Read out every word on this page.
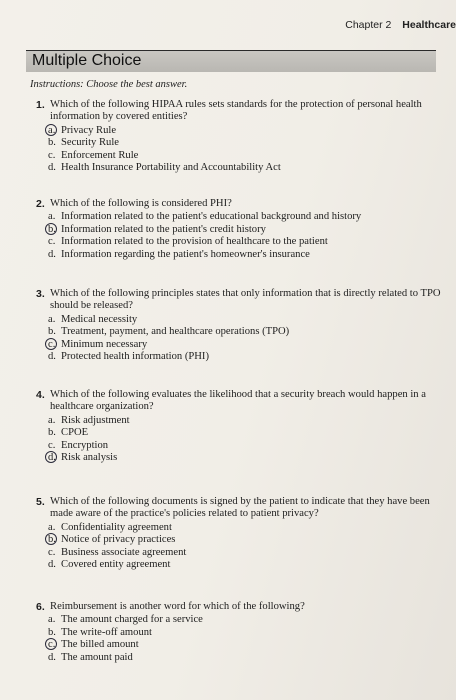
Chapter 2 Healthcare
Multiple Choice
Instructions: Choose the best answer.
1. Which of the following HIPAA rules sets standards for the protection of personal health information by covered entities?
a. Privacy Rule
b. Security Rule
c. Enforcement Rule
d. Health Insurance Portability and Accountability Act
2. Which of the following is considered PHI?
a. Information related to the patient's educational background and history
b. Information related to the patient's credit history
c. Information related to the provision of healthcare to the patient
d. Information regarding the patient's homeowner's insurance
3. Which of the following principles states that only information that is directly related to TPO should be released?
a. Medical necessity
b. Treatment, payment, and healthcare operations (TPO)
c. Minimum necessary
d. Protected health information (PHI)
4. Which of the following evaluates the likelihood that a security breach would happen in a healthcare organization?
a. Risk adjustment
b. CPOE
c. Encryption
d. Risk analysis
5. Which of the following documents is signed by the patient to indicate that they have been made aware of the practice's policies related to patient privacy?
a. Confidentiality agreement
b. Notice of privacy practices
c. Business associate agreement
d. Covered entity agreement
6. Reimbursement is another word for which of the following?
a. The amount charged for a service
b. The write-off amount
c. The billed amount
d. The amount paid
